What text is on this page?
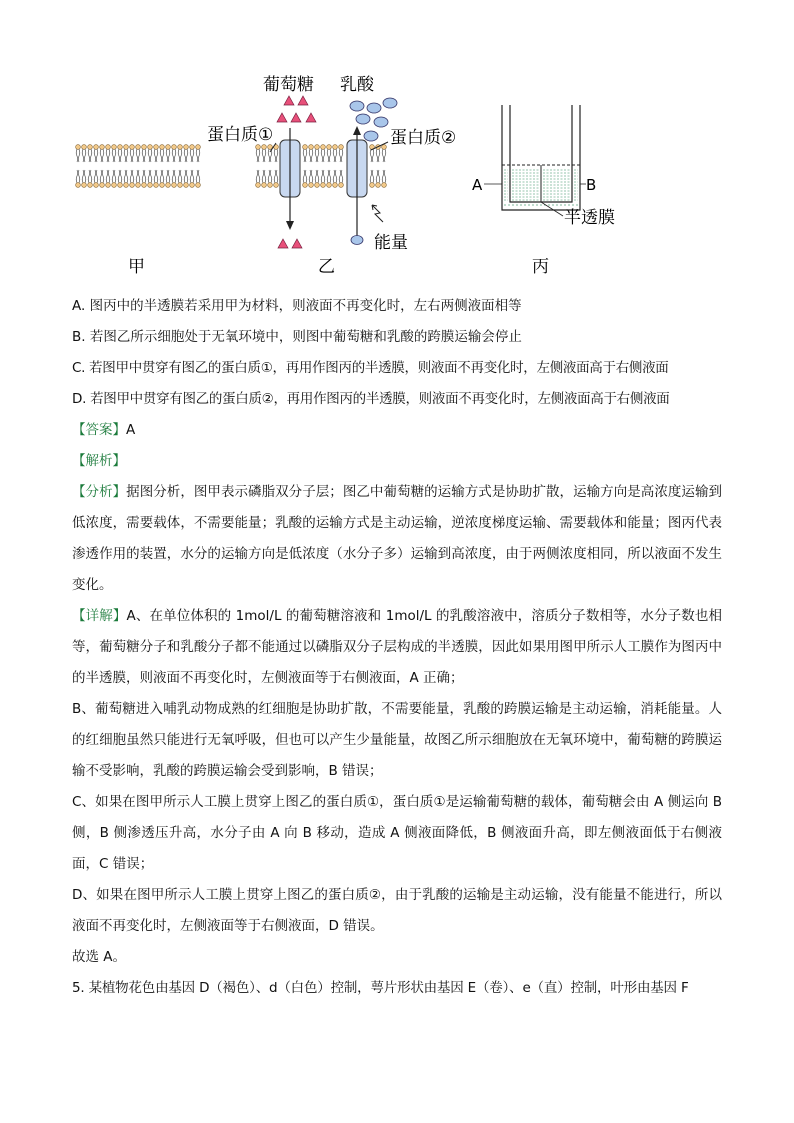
葡萄糖 乳酸
蛋白质①	蛋白质②
能量
甲	乙	丙
A	B
半透膜
A. 图丙中的半透膜若采用甲为材料，则液面不再变化时，左右两侧液面相等
B. 若图乙所示细胞处于无氧环境中，则图中葡萄糖和乳酸的跨膜运输会停止
C. 若图甲中贯穿有图乙的蛋白质①，再用作图丙的半透膜，则液面不再变化时，左侧液面高于右侧液面
D. 若图甲中贯穿有图乙的蛋白质②，再用作图丙的半透膜，则液面不再变化时，左侧液面高于右侧液面
【答案】A
【解析】
【分析】据图分析，图甲表示磷脂双分子层；图乙中葡萄糖的运输方式是协助扩散，运输方向是高浓度运输到低浓度，需要载体，不需要能量；乳酸的运输方式是主动运输，逆浓度梯度运输、需要载体和能量；图丙代表渗透作用的装置，水分的运输方向是低浓度（水分子多）运输到高浓度，由于两侧浓度相同，所以液面不发生变化。
【详解】A、在单位体积的 1mol/L 的葡萄糖溶液和 1mol/L 的乳酸溶液中，溶质分子数相等，水分子数也相等，葡萄糖分子和乳酸分子都不能通过以磷脂双分子层构成的半透膜，因此如果用图甲所示人工膜作为图丙中的半透膜，则液面不再变化时，左侧液面等于右侧液面，A 正确；
B、葡萄糖进入哺乳动物成熟的红细胞是协助扩散，不需要能量，乳酸的跨膜运输是主动运输，消耗能量。人的红细胞虽然只能进行无氧呼吸，但也可以产生少量能量，故图乙所示细胞放在无氧环境中，葡萄糖的跨膜运输不受影响，乳酸的跨膜运输会受到影响，B 错误；
C、如果在图甲所示人工膜上贯穿上图乙的蛋白质①，蛋白质①是运输葡萄糖的载体，葡萄糖会由 A 侧运向 B 侧，B 侧渗透压升高，水分子由 A 向 B 移动，造成 A 侧液面降低，B 侧液面升高，即左侧液面低于右侧液面，C 错误；
D、如果在图甲所示人工膜上贯穿上图乙的蛋白质②，由于乳酸的运输是主动运输，没有能量不能进行，所以液面不再变化时，左侧液面等于右侧液面，D 错误。
故选 A。
5. 某植物花色由基因 D（褐色）、d（白色）控制，萼片形状由基因 E（卷）、e（直）控制，叶形由基因 F
